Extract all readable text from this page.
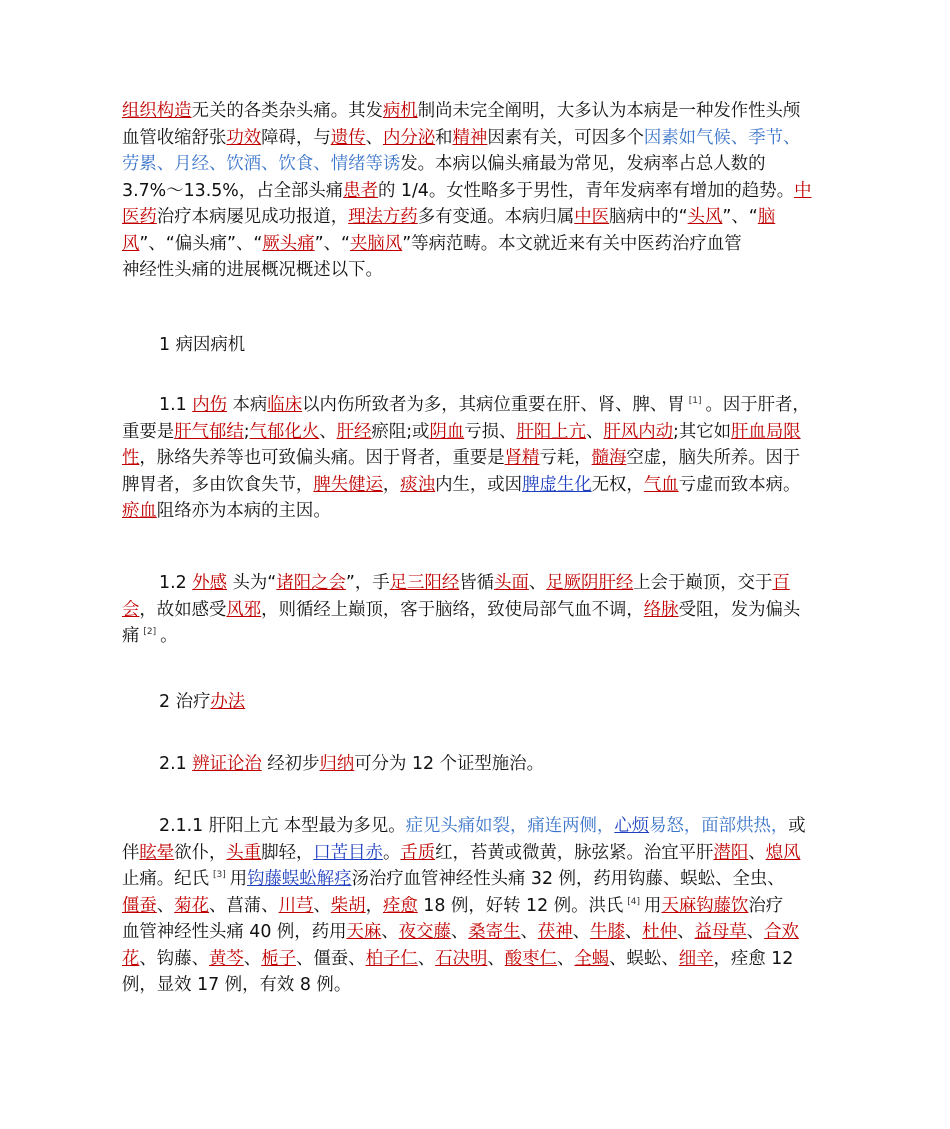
组织构造无关的各类杂头痛。其发病机制尚未完全阐明，大多认为本病是一种发作性头颅
血管收缩舒张功效障碍，与遗传、内分泌和精神因素有关，可因多个因素如气候、季节、
劳累、月经、饮酒、饮食、情绪等诱发。本病以偏头痛最为常见，发病率占总人数的
3.7%～13.5%，占全部头痛患者的 1/4。女性略多于男性，青年发病率有增加的趋势。中
医药治疗本病屡见成功报道，理法方药多有变通。本病归属中医脑病中的“头风”、“脑
风”、“偏头痛”、“厥头痛”、“夹脑风”等病范畴。本文就近来有关中医药治疗血管
神经性头痛的进展概况概述以下。

1 病因病机

1.1 内伤 本病临床以内伤所致者为多，其病位重要在肝、肾、脾、胃 [1] 。因于肝者，
重要是肝气郁结;气郁化火、肝经瘀阻;或阴血亏损、肝阳上亢、肝风内动;其它如肝血局限
性，脉络失养等也可致偏头痛。因于肾者，重要是肾精亏耗，髓海空虚，脑失所养。因于
脾胃者，多由饮食失节，脾失健运，痰浊内生，或因脾虚生化无权，气血亏虚而致本病。
瘀血阻络亦为本病的主因。

1.2 外感 头为“诸阳之会”，手足三阳经皆循头面、足厥阴肝经上会于巅顶，交于百
会，故如感受风邪，则循经上巅顶，客于脑络，致使局部气血不调，络脉受阻，发为偏头
痛 [2] 。

2 治疗办法

2.1 辨证论治 经初步归纳可分为 12 个证型施治。

2.1.1 肝阳上亢 本型最为多见。症见头痛如裂，痛连两侧，心烦易怒，面部烘热，或
伴眩晕欲仆，头重脚轻，口苦目赤。舌质红，苔黄或微黄，脉弦紧。治宜平肝潜阳、熄风
止痛。纪氏 [3] 用钩藤蜈蚣解痉汤治疗血管神经性头痛 32 例，药用钩藤、蜈蚣、全虫、
僵蚕、菊花、菖蒲、川芎、柴胡，痊愈 18 例，好转 12 例。洪氏 [4] 用天麻钩藤饮治疗
血管神经性头痛 40 例，药用天麻、夜交藤、桑寄生、茯神、牛膝、杜仲、益母草、合欢
花、钩藤、黄芩、栀子、僵蚕、柏子仁、石决明、酸枣仁、全蝎、蜈蚣、细辛，痊愈 12
例，显效 17 例，有效 8 例。
